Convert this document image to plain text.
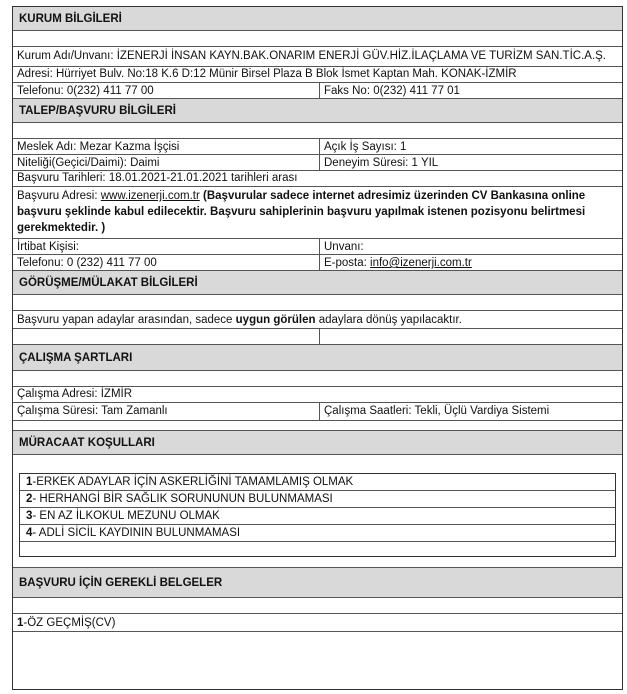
KURUM BİLGİLERİ
Kurum Adı/Unvanı: İZENERJİ İNSAN KAYN.BAK.ONARIM ENERJİ GÜV.HİZ.İLAÇLAMA VE TURİZM SAN.TİC.A.Ş.
Adresi: Hürriyet Bulv. No:18 K.6 D:12 Münir Birsel Plaza B Blok İsmet Kaptan Mah. KONAK-İZMİR
Telefonu: 0(232) 411 77 00	Faks No: 0(232) 411 77 01
TALEP/BAŞVURU BİLGİLERİ
Meslek Adı: Mezar Kazma İşçisi	Açık İş Sayısı: 1
Niteliği(Geçici/Daimi): Daimi	Deneyim Süresi: 1 YIL
Başvuru Tarihleri: 18.01.2021-21.01.2021 tarihleri arası
Başvuru Adresi: www.izenerji.com.tr (Başvurular sadece internet adresimiz üzerinden CV Bankasına online başvuru şeklinde kabul edilecektir. Başvuru sahiplerinin başvuru yapılmak istenen pozisyonu belirtmesi gerekmektedir. )
İrtibat Kişisi:	Unvanı:
Telefonu: 0 (232) 411 77 00	E-posta: info@izenerji.com.tr
GÖRÜŞME/MÜLAKAT BİLGİLERİ
Başvuru yapan adaylar arasından, sadece uygun görülen adaylara dönüş yapılacaktır.
ÇALIŞMA ŞARTLARI
Çalışma Adresi: İZMİR
Çalışma Süresi: Tam Zamanlı	Çalışma Saatleri: Tekli, Üçlü Vardiya Sistemi
MÜRACAAT KOŞULLARI
1-ERKEK ADAYLAR İÇİN ASKERLİĞİNİ TAMAMLAMIŞ OLMAK
2- HERHANGİ BİR SAĞLIK SORUNUNUN BULUNMAMASI
3- EN AZ İLKOKUL MEZUNU OLMAK
4- ADLİ SİCİL KAYDININ BULUNMAMASI
BAŞVURU İÇİN GEREKLİ BELGELER
1-ÖZ GEÇMİŞ(CV)
